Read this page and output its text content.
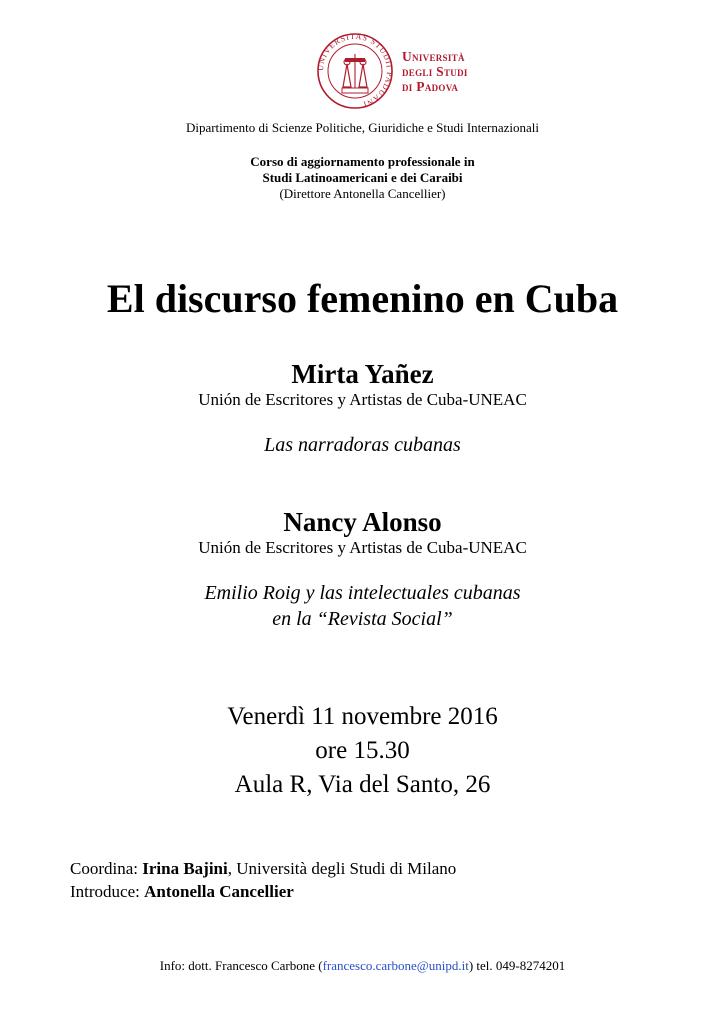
UNIVERSITAS STUDII PADUANI
Università
degli Studi
di Padova
Dipartimento di Scienze Politiche, Giuridiche e Studi Internazionali
Corso di aggiornamento professionale in
Studi Latinoamericani e dei Caraibi
(Direttore Antonella Cancellier)
El discurso femenino en Cuba
Mirta Yañez
Unión de Escritores y Artistas de Cuba-UNEAC
Las narradoras cubanas
Nancy Alonso
Unión de Escritores y Artistas de Cuba-UNEAC
Emilio Roig y las intelectuales cubanas
en la “Revista Social”
Venerdì 11 novembre 2016
ore 15.30
Aula R, Via del Santo, 26
Coordina: Irina Bajini, Università degli Studi di Milano
Introduce: Antonella Cancellier
Info: dott. Francesco Carbone (francesco.carbone@unipd.it) tel. 049-8274201
